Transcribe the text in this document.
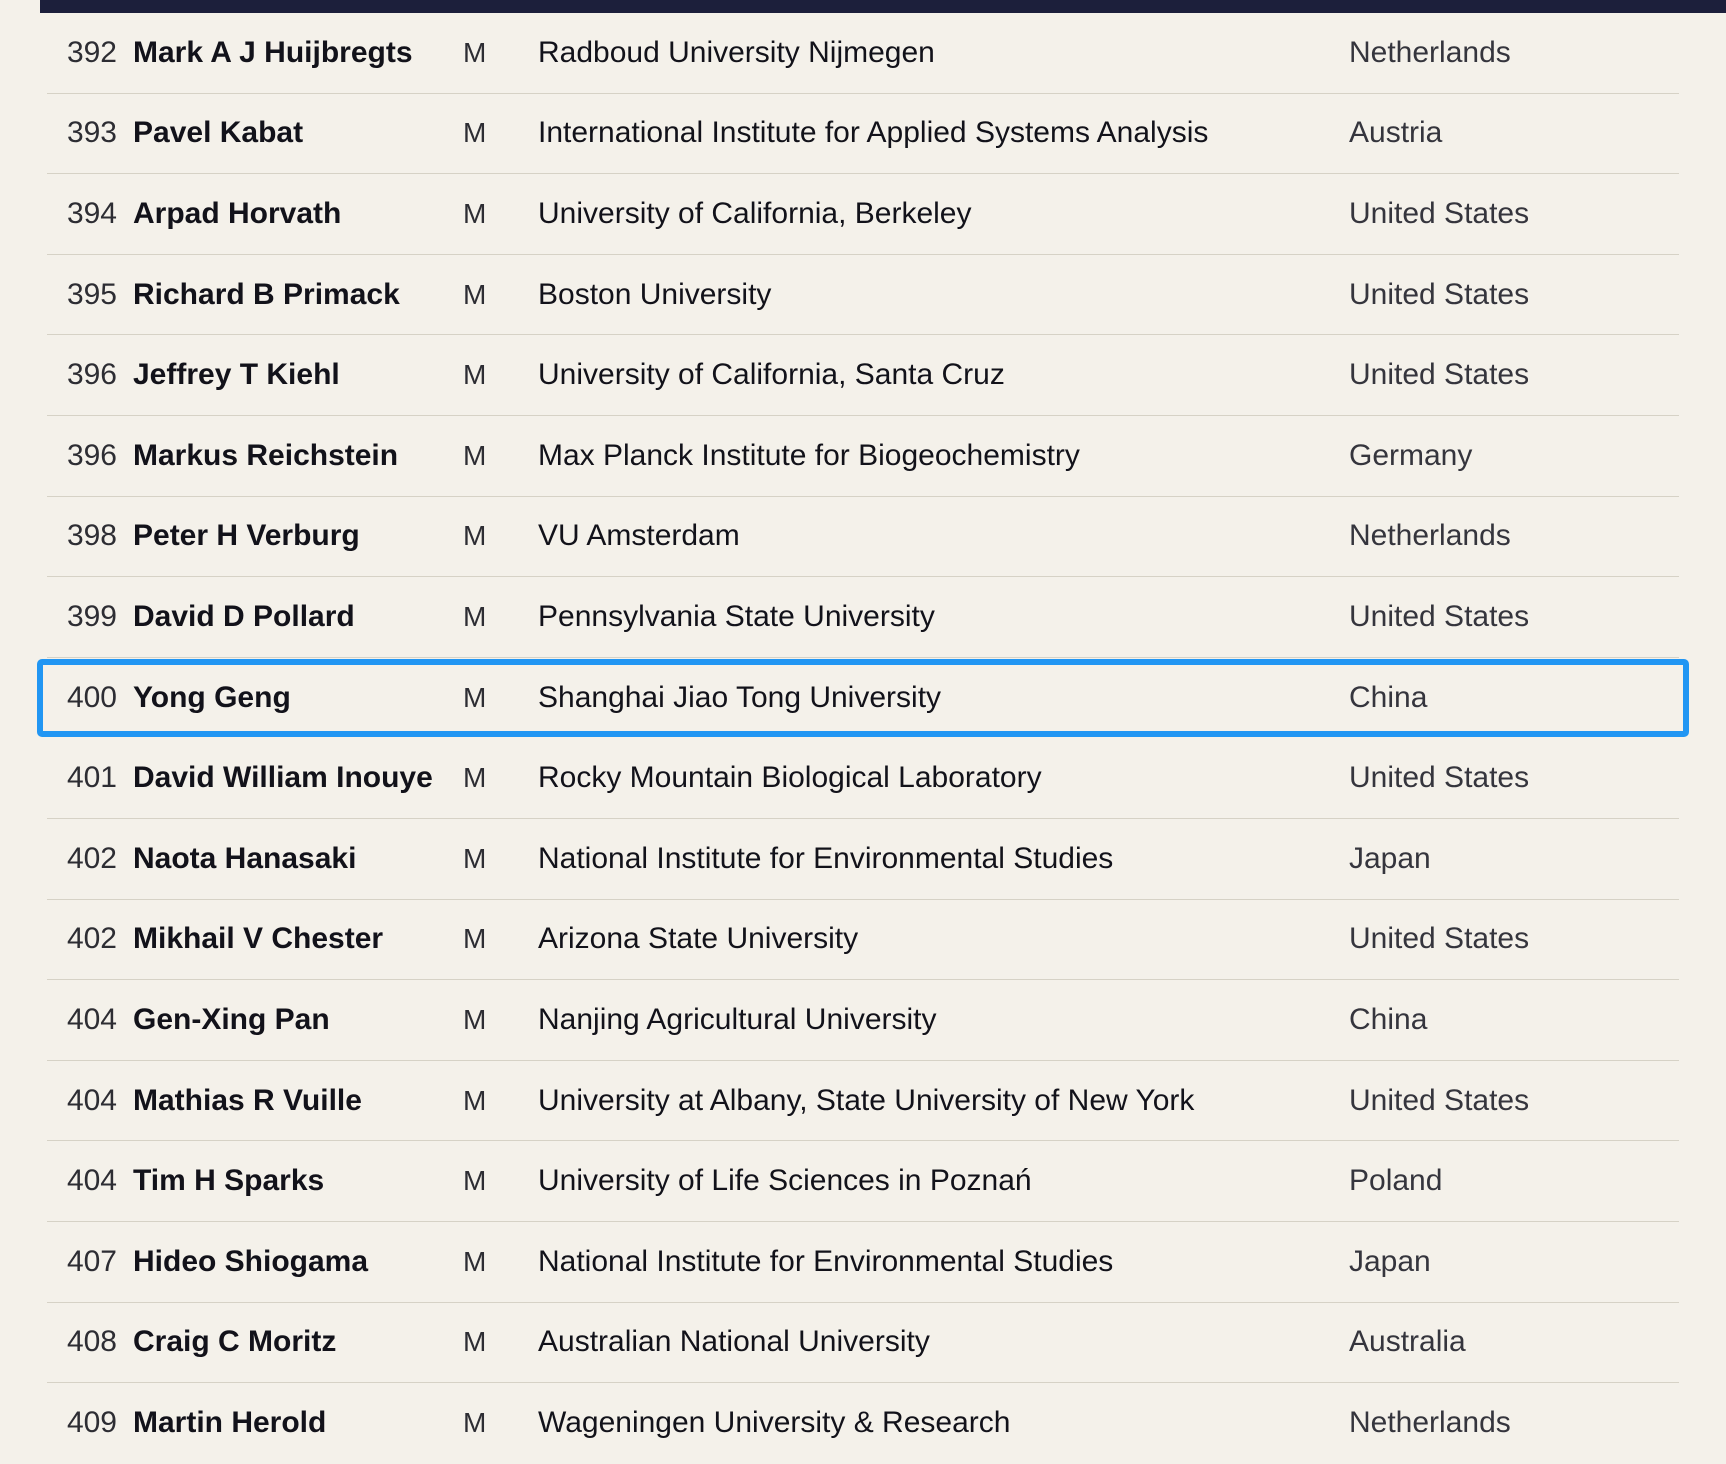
392 Mark A J Huijbregts	M	Radboud University Nijmegen	Netherlands
393 Pavel Kabat	M	International Institute for Applied Systems Analysis	Austria
394 Arpad Horvath	M	University of California, Berkeley	United States
395 Richard B Primack	M	Boston University	United States
396 Jeffrey T Kiehl	M	University of California, Santa Cruz	United States
396 Markus Reichstein	M	Max Planck Institute for Biogeochemistry	Germany
398 Peter H Verburg	M	VU Amsterdam	Netherlands
399 David D Pollard	M	Pennsylvania State University	United States
400 Yong Geng	M	Shanghai Jiao Tong University	China
401 David William Inouye	M	Rocky Mountain Biological Laboratory	United States
402 Naota Hanasaki	M	National Institute for Environmental Studies	Japan
402 Mikhail V Chester	M	Arizona State University	United States
404 Gen-Xing Pan	M	Nanjing Agricultural University	China
404 Mathias R Vuille	M	University at Albany, State University of New York	United States
404 Tim H Sparks	M	University of Life Sciences in Poznań	Poland
407 Hideo Shiogama	M	National Institute for Environmental Studies	Japan
408 Craig C Moritz	M	Australian National University	Australia
409 Martin Herold	M	Wageningen University & Research	Netherlands
